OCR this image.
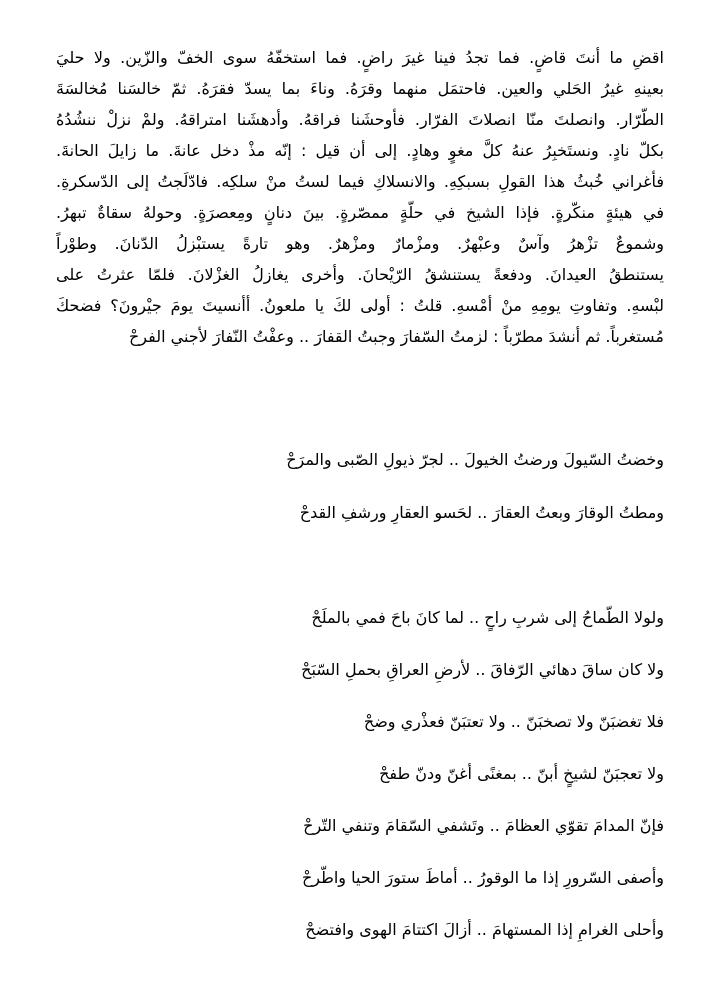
اقضِ ما أنتَ قاضٍ. فما تجدُ فينا غيرَ راضٍ. فما استخفّهُ سوى الخفّ والزّين. ولا حليَ
بعينهِ غيرُ الحَلي والعين. فاحتمَل منهما وقرَهُ. وناءَ بما يسدّ فقرَهُ. ثمّ خالسَنا مُخالسَةَ
الطّرّار. وانصلتَ منّا انصلاتَ الفرّار. فأوحشَنا فراقهُ. وأدهشَنا امتراقهُ. ولمْ نزلْ ننشُدُهُ
بكلّ نادٍ. ونستَخبِرُ عنهُ كلَّ مغوٍ وهادٍ. إلى أن قيل : إنّه مذْ دخل عانةَ. ما زايلَ الحانةَ.
فأغراني خُبثُ هذا القولِ بسبكِهِ. والانسلاكِ فيما لستُ منْ سلكِه. فادّلَجتُ إلى الدّسكرةِ.
في هيئةٍ منكّرةٍ. فإذا الشيخ في حلّةٍ ممصّرةٍ. بينَ دنانٍ ومِعصرَةٍ. وحولهُ سقاةٌ تبهرُ.
وشموعٌ تزْهرُ وآسٌ وعبْهرٌ. ومزْمارٌ ومزْهرٌ. وهو تارةً يستبْزلُ الدّنانَ. وطوْراً
يستنطقُ العيدانَ. ودفعةً يستنشقُ الرّيْحانَ. وأخرى يغازلُ الغزْلانَ. فلمّا عثرتُ على
لبْسهِ. وتفاوتِ يومِهِ منْ أمْسهِ. قلتُ : أولى لكَ يا ملعونُ. أأنسيتَ يومَ جيْرونَ؟ فضحكَ
مُستغرباً. ثم أنشدَ مطرّباً : لزمتُ السّفارَ وجبتُ القفارَ .. وعفْتُ النّفارَ لأجني الفرحْ
وخضتُ السّيولَ ورضتُ الخيولَ .. لجرّ ذيولِ الصّبى والمرَحْ
ومطتُ الوقارَ وبعتُ العقارَ .. لحَسو العقارِ ورشفِ القدحْ
ولولا الطّماحُ إلى شربِ راحٍ .. لما كانَ باحَ فمي بالملَحْ
ولا كان ساقَ دهائي الرّفاقَ .. لأرضِ العراقِ بحملِ السّبَحْ
فلا تغضبَنّ ولا تصخبَنّ .. ولا تعتبَنّ فعذْري وضحْ
ولا تعجبَنّ لشيخٍ أبنّ .. بمغنًى أغنّ ودنّ طفحْ
فإنّ المدامَ تقوّي العظامَ .. وتَشفي السّقامَ وتنفي التّرحْ
وأصفى السّرورِ إذا ما الوقورُ .. أماطَ ستورَ الحيا واطّرحْ
وأحلى الغرامِ إذا المستهامَ .. أزالَ اكتتامَ الهوى وافتضحْ
